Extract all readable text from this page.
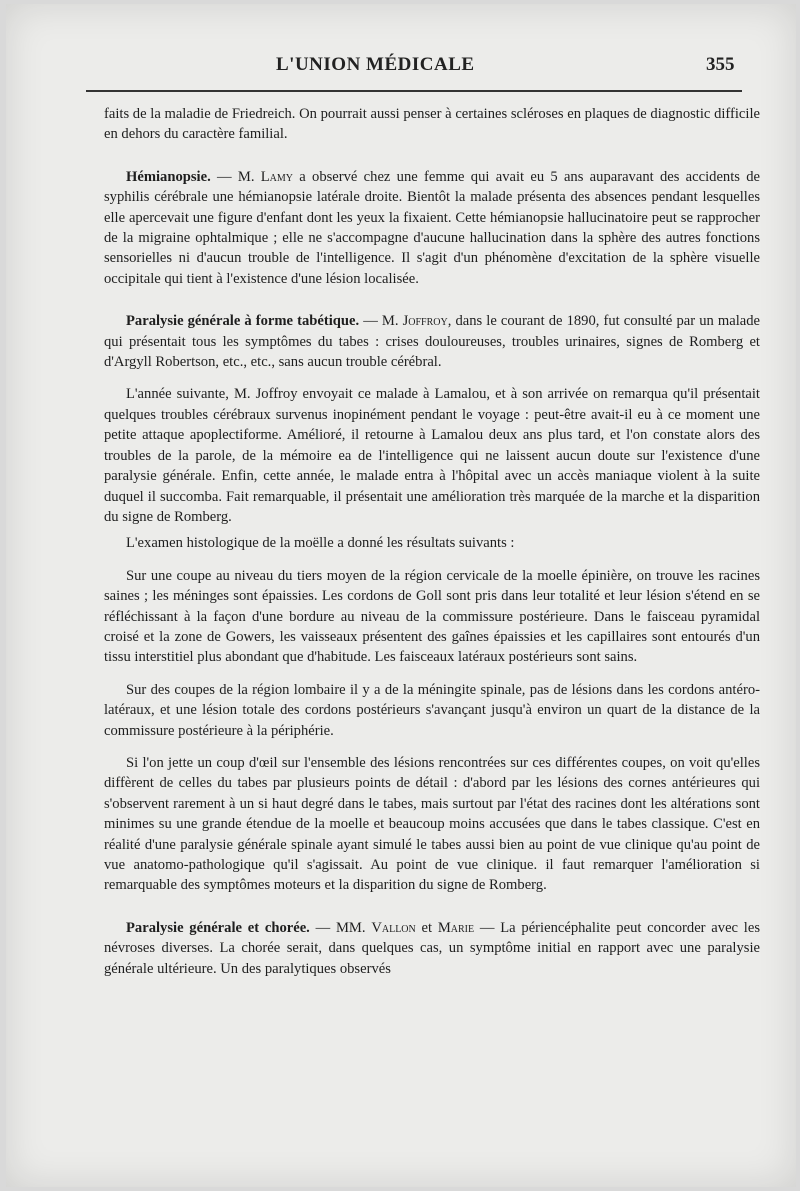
L'UNION MÉDICALE	355

faits de la maladie de Friedreich. On pourrait aussi penser à certaines scléroses en plaques de diagnostic difficile en dehors du caractère familial.

Hémianopsie. — M. Lamy a observé chez une femme qui avait eu 5 ans auparavant des accidents de syphilis cérébrale une hémianopsie latérale droite. Bientôt la malade présenta des absences pendant lesquelles elle apercevait une figure d'enfant dont les yeux la fixaient. Cette hémianopsie hallucinatoire peut se rapprocher de la migraine ophtalmique ; elle ne s'accompagne d'aucune hallucination dans la sphère des autres fonctions sensorielles ni d'aucun trouble de l'intelligence. Il s'agit d'un phénomène d'excitation de la sphère visuelle occipitale qui tient à l'existence d'une lésion localisée.

Paralysie générale à forme tabétique. — M. Joffroy, dans le courant de 1890, fut consulté par un malade qui présentait tous les symptômes du tabes : crises douloureuses, troubles urinaires, signes de Romberg et d'Argyll Robertson, etc., etc., sans aucun trouble cérébral.

L'année suivante, M. Joffroy envoyait ce malade à Lamalou, et à son arrivée on remarqua qu'il présentait quelques troubles cérébraux survenus inopinément pendant le voyage : peut-être avait-il eu à ce moment une petite attaque apoplectiforme. Amélioré, il retourne à Lamalou deux ans plus tard, et l'on constate alors des troubles de la parole, de la mémoire ea de l'intelligence qui ne laissent aucun doute sur l'existence d'une paralysie générale. Enfin, cette année, le malade entra à l'hôpital avec un accès maniaque violent à la suite duquel il succomba. Fait remarquable, il présentait une amélioration très marquée de la marche et la disparition du signe de Romberg.

L'examen histologique de la moëlle a donné les résultats suivants :

Sur une coupe au niveau du tiers moyen de la région cervicale de la moelle épinière, on trouve les racines saines ; les méninges sont épaissies. Les cordons de Goll sont pris dans leur totalité et leur lésion s'étend en se réfléchissant à la façon d'une bordure au niveau de la commissure postérieure. Dans le faisceau pyramidal croisé et la zone de Gowers, les vaisseaux présentent des gaînes épaissies et les capillaires sont entourés d'un tissu interstitiel plus abondant que d'habitude. Les faisceaux latéraux postérieurs sont sains.

Sur des coupes de la région lombaire il y a de la méningite spinale, pas de lésions dans les cordons antéro-latéraux, et une lésion totale des cordons postérieurs s'avançant jusqu'à environ un quart de la distance de la commissure postérieure à la périphérie.

Si l'on jette un coup d'œil sur l'ensemble des lésions rencontrées sur ces différentes coupes, on voit qu'elles diffèrent de celles du tabes par plusieurs points de détail : d'abord par les lésions des cornes antérieures qui s'observent rarement à un si haut degré dans le tabes, mais surtout par l'état des racines dont les altérations sont minimes su une grande étendue de la moelle et beaucoup moins accusées que dans le tabes classique. C'est en réalité d'une paralysie générale spinale ayant simulé le tabes aussi bien au point de vue clinique qu'au point de vue anatomo-pathologique qu'il s'agissait. Au point de vue clinique. il faut remarquer l'amélioration si remarquable des symptômes moteurs et la disparition du signe de Romberg.

Paralysie générale et chorée. — MM. Vallon et Marie — La périencéphalite peut concorder avec les névroses diverses. La chorée serait, dans quelques cas, un symptôme initial en rapport avec une paralysie générale ultérieure. Un des paralytiques observés
